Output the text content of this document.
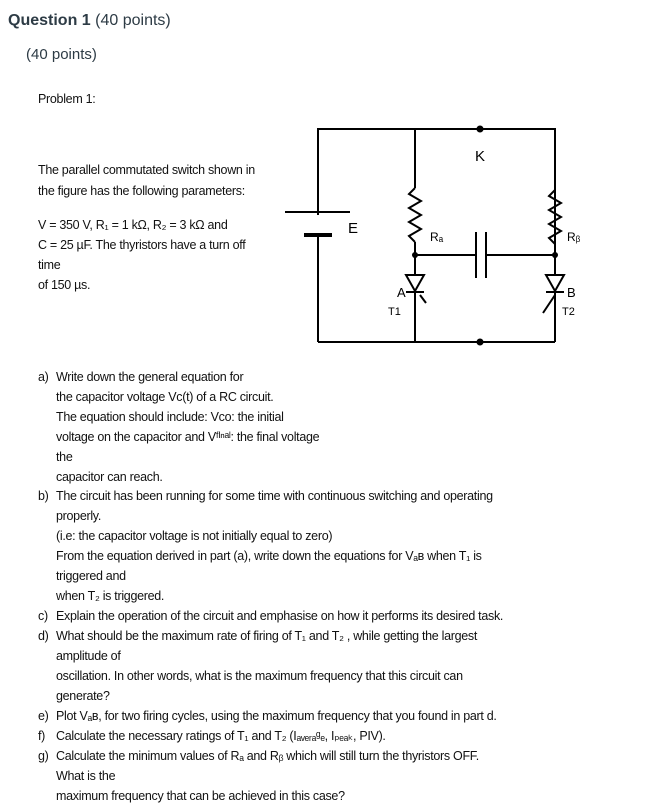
Question 1 (40 points)
(40 points)
Problem 1:
The parallel commutated switch shown in
the figure has the following parameters:
V = 350 V, R₁ = 1 kΩ, R₂ = 3 kΩ and
C = 25 µF. The thyristors have a turn off time
of 150 µs.
K
E	Rₐ	Rᵦ
A	B
T1	T2
a) Write down the general equation for
the capacitor voltage Vᴄ(t) of a RC circuit.
The equation should include: Vco: the initial
voltage on the capacitor and Vᶠᴵⁿᵃˡ: the final voltage the
capacitor can reach.
b) The circuit has been running for some time with continuous switching and operating properly.
(i.e: the capacitor voltage is not initially equal to zero)
From the equation derived in part (a), write down the equations for Vₐʙ when T₁ is triggered and
when T₂ is triggered.
c) Explain the operation of the circuit and emphasise on how it performs its desired task.
d) What should be the maximum rate of firing of T₁ and T₂ , while getting the largest amplitude of
oscillation. In other words, what is the maximum frequency that this circuit can generate?
e) Plot Vₐʙ, for two firing cycles, using the maximum frequency that you found in part d.
f) Calculate the necessary ratings of T₁ and T₂ (Iₐᵥₑᵣₐᵍₑ, Iₚₑₐₖ, PIV).
g) Calculate the minimum values of Rₐ and Rᵦ which will still turn the thyristors OFF. What is the
maximum frequency that can be achieved in this case?
